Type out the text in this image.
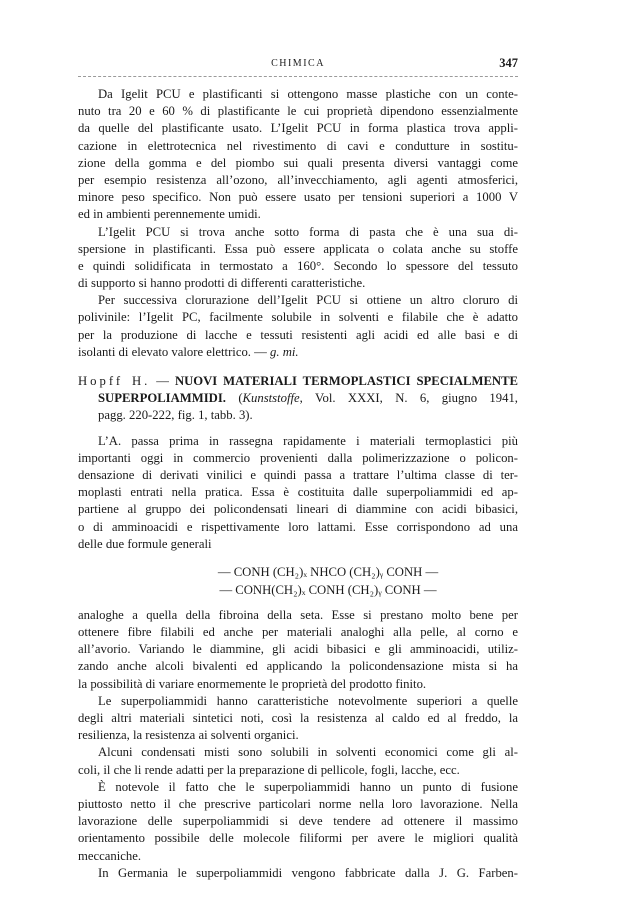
CHIMICA	347
Da Igelit PCU e plastificanti si ottengono masse plastiche con un conte-
nuto tra 20 e 60 % di plastificante le cui proprietà dipendono essenzialmente
da quelle del plastificante usato. L’Igelit PCU in forma plastica trova appli-
cazione in elettrotecnica nel rivestimento di cavi e condutture in sostitu-
zione della gomma e del piombo sui quali presenta diversi vantaggi come
per esempio resistenza all’ozono, all’invecchiamento, agli agenti atmosferici,
minore peso specifico. Non può essere usato per tensioni superiori a 1000 V
ed in ambienti perennemente umidi.
L’Igelit PCU si trova anche sotto forma di pasta che è una sua di-
spersione in plastificanti. Essa può essere applicata o colata anche su stoffe
e quindi solidificata in termostato a 160°. Secondo lo spessore del tessuto
di supporto si hanno prodotti di differenti caratteristiche.
Per successiva clorurazione dell’Igelit PCU si ottiene un altro cloruro di
polivinile: l’Igelit PC, facilmente solubile in solventi e filabile che è adatto
per la produzione di lacche e tessuti resistenti agli acidi ed alle basi e di
isolanti di elevato valore elettrico. — g. mi.
Hopff H. — NUOVI MATERIALI TERMOPLASTICI SPECIALMENTE
SUPERPOLIAMMIDI. (Kunststoffe, Vol. XXXI, N. 6, giugno 1941,
pagg. 220-222, fig. 1, tabb. 3).
L’A. passa prima in rassegna rapidamente i materiali termoplastici più
importanti oggi in commercio provenienti dalla polimerizzazione o policon-
densazione di derivati vinilici e quindi passa a trattare l’ultima classe di ter-
moplasti entrati nella pratica. Essa è costituita dalle superpoliammidi ed ap-
partiene al gruppo dei policondensati lineari di diammine con acidi bibasici,
o di amminoacidi e rispettivamente loro lattami. Esse corrispondono ad una
delle due formule generali
— CONH (CH₂)ₓ NHCO (CH₂)ᵧ CONH —
— CONH(CH₂)ₓ CONH (CH₂)ᵧ CONH —
analoghe a quella della fibroina della seta. Esse si prestano molto bene per
ottenere fibre filabili ed anche per materiali analoghi alla pelle, al corno e
all’avorio. Variando le diammine, gli acidi bibasici e gli amminoacidi, utiliz-
zando anche alcoli bivalenti ed applicando la policondensazione mista si ha
la possibilità di variare enormemente le proprietà del prodotto finito.
Le superpoliammidi hanno caratteristiche notevolmente superiori a quelle
degli altri materiali sintetici noti, così la resistenza al caldo ed al freddo, la
resilienza, la resistenza ai solventi organici.
Alcuni condensati misti sono solubili in solventi economici come gli al-
coli, il che li rende adatti per la preparazione di pellicole, fogli, lacche, ecc.
È notevole il fatto che le superpoliammidi hanno un punto di fusione
piuttosto netto il che prescrive particolari norme nella loro lavorazione. Nella
lavorazione delle superpoliammidi si deve tendere ad ottenere il massimo
orientamento possibile delle molecole filiformi per avere le migliori qualità
meccaniche.
In Germania le superpoliammidi vengono fabbricate dalla J. G. Farben-
